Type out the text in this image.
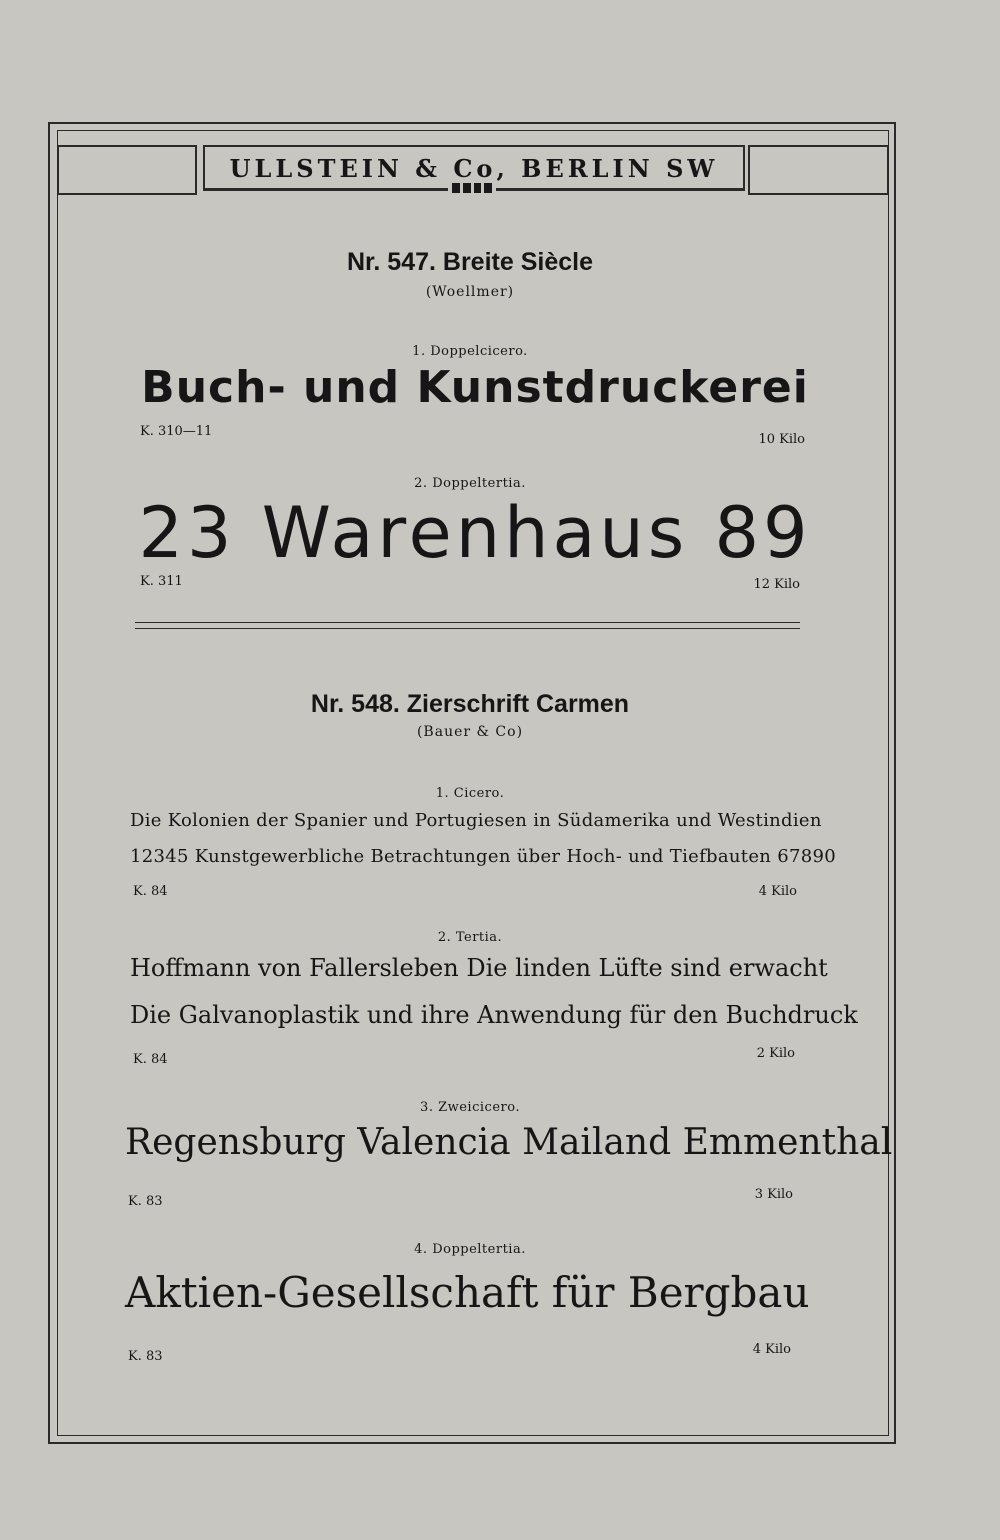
ULLSTEIN & Co, BERLIN SW
Nr. 547. Breite Siècle
(Woellmer)
1. Doppelcicero.
Buch- und Kunstdruckerei
K. 310—11
10 Kilo
2. Doppeltertia.
23 Warenhaus 89
K. 311	12 Kilo
Nr. 548. Zierschrift Carmen
(Bauer & Co)
1. Cicero.
Die Kolonien der Spanier und Portugiesen in Südamerika und Westindien
12345 Kunstgewerbliche Betrachtungen über Hoch- und Tiefbauten 67890
K. 84	4 Kilo
2. Tertia.
Hoffmann von Fallersleben Die linden Lüfte sind erwacht
Die Galvanoplastik und ihre Anwendung für den Buchdruck
K. 84	2 Kilo
3. Zweicicero.
Regensburg Valencia Mailand Emmenthal
K. 83	3 Kilo
4. Doppeltertia.
Aktien-Gesellschaft für Bergbau
K. 83	4 Kilo
